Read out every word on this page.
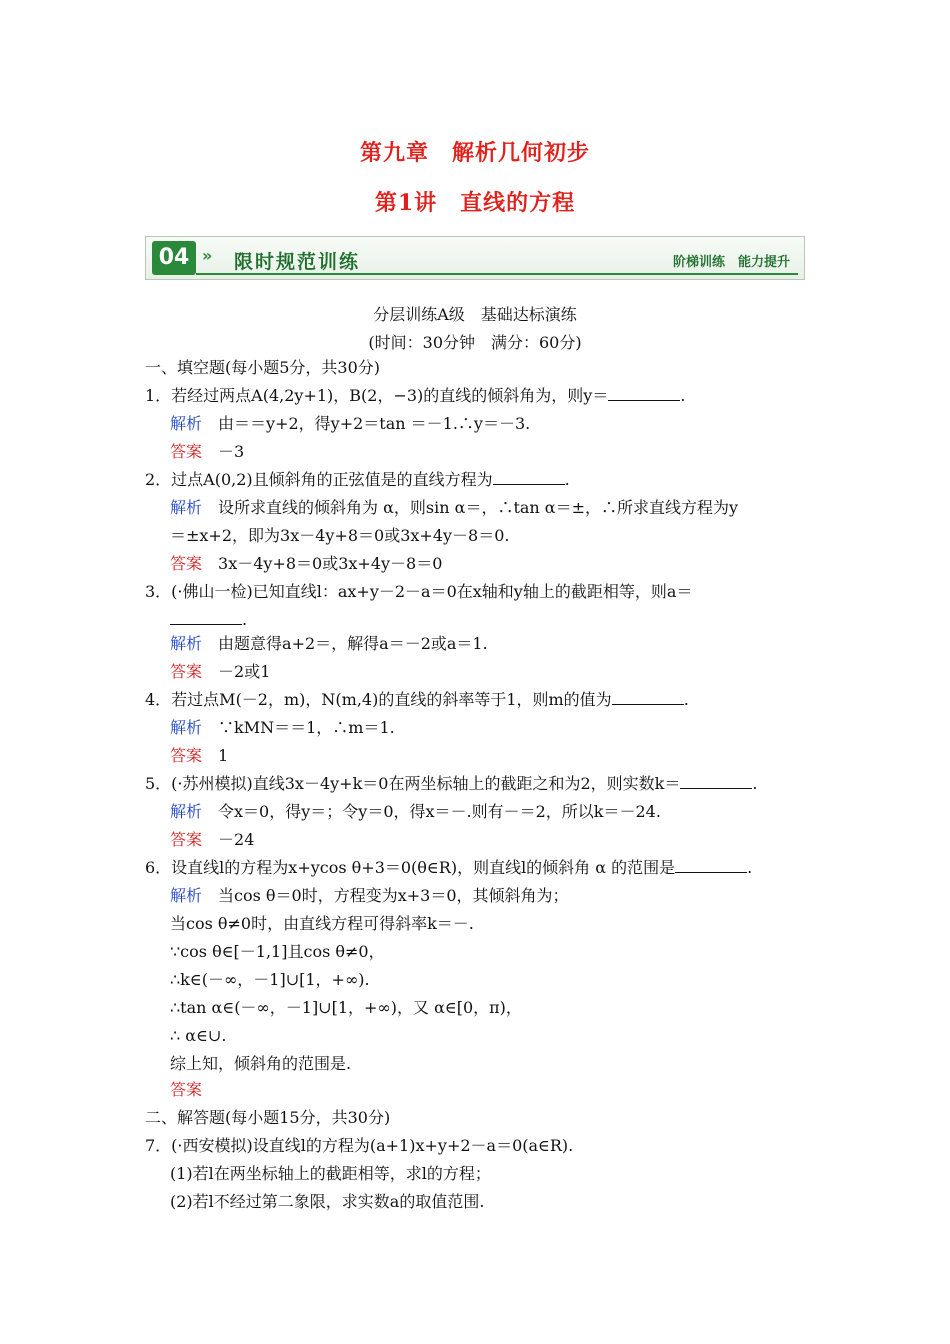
第九章　解析几何初步
第1讲　直线的方程
04 » 限时规范训练	阶梯训练　能力提升
分层训练A级　基础达标演练
(时间：30分钟　满分：60分)
一、填空题(每小题5分，共30分)
1．若经过两点A(4,2y+1)，B(2，−3)的直线的倾斜角为，则y＝	.
解析　 由＝＝y+2，得y+2＝tan ＝－1.∴y＝－3.
答案　 －3
2．过点A(0,2)且倾斜角的正弦值是的直线方程为	.
解析　 设所求直线的倾斜角为 α，则sin α＝，∴tan α＝±，∴所求直线方程为y
＝±x+2，即为3x－4y+8＝0或3x+4y－8＝0.
答案　 3x－4y+8＝0或3x+4y－8＝0
3．(·佛山一检)已知直线l：ax+y－2－a＝0在x轴和y轴上的截距相等，则a＝
.
解析　 由题意得a+2＝，解得a＝－2或a＝1.
答案　 －2或1
4．若过点M(－2，m)，N(m,4)的直线的斜率等于1，则m的值为	.
解析　 ∵kMN＝＝1，∴m＝1.
答案　 1
5．(·苏州模拟)直线3x－4y+k＝0在两坐标轴上的截距之和为2，则实数k＝	.
解析　 令x＝0，得y＝；令y＝0，得x＝－.则有－＝2，所以k＝－24.
答案　 －24
6．设直线l的方程为x+ycos θ+3＝0(θ∈R)，则直线l的倾斜角 α 的范围是	.
解析　 当cos θ＝0时，方程变为x+3＝0，其倾斜角为；
当cos θ≠0时，由直线方程可得斜率k＝－.
∵cos θ∈[－1,1]且cos θ≠0，
∴k∈(－∞，－1]∪[1，+∞).
∴tan α∈(－∞，－1]∪[1，+∞)，又 α∈[0，π)，
∴ α∈∪.
综上知，倾斜角的范围是.
答案
二、解答题(每小题15分，共30分)
7．(·西安模拟)设直线l的方程为(a+1)x+y+2－a＝0(a∈R).
(1)若l在两坐标轴上的截距相等，求l的方程；
(2)若l不经过第二象限，求实数a的取值范围.
